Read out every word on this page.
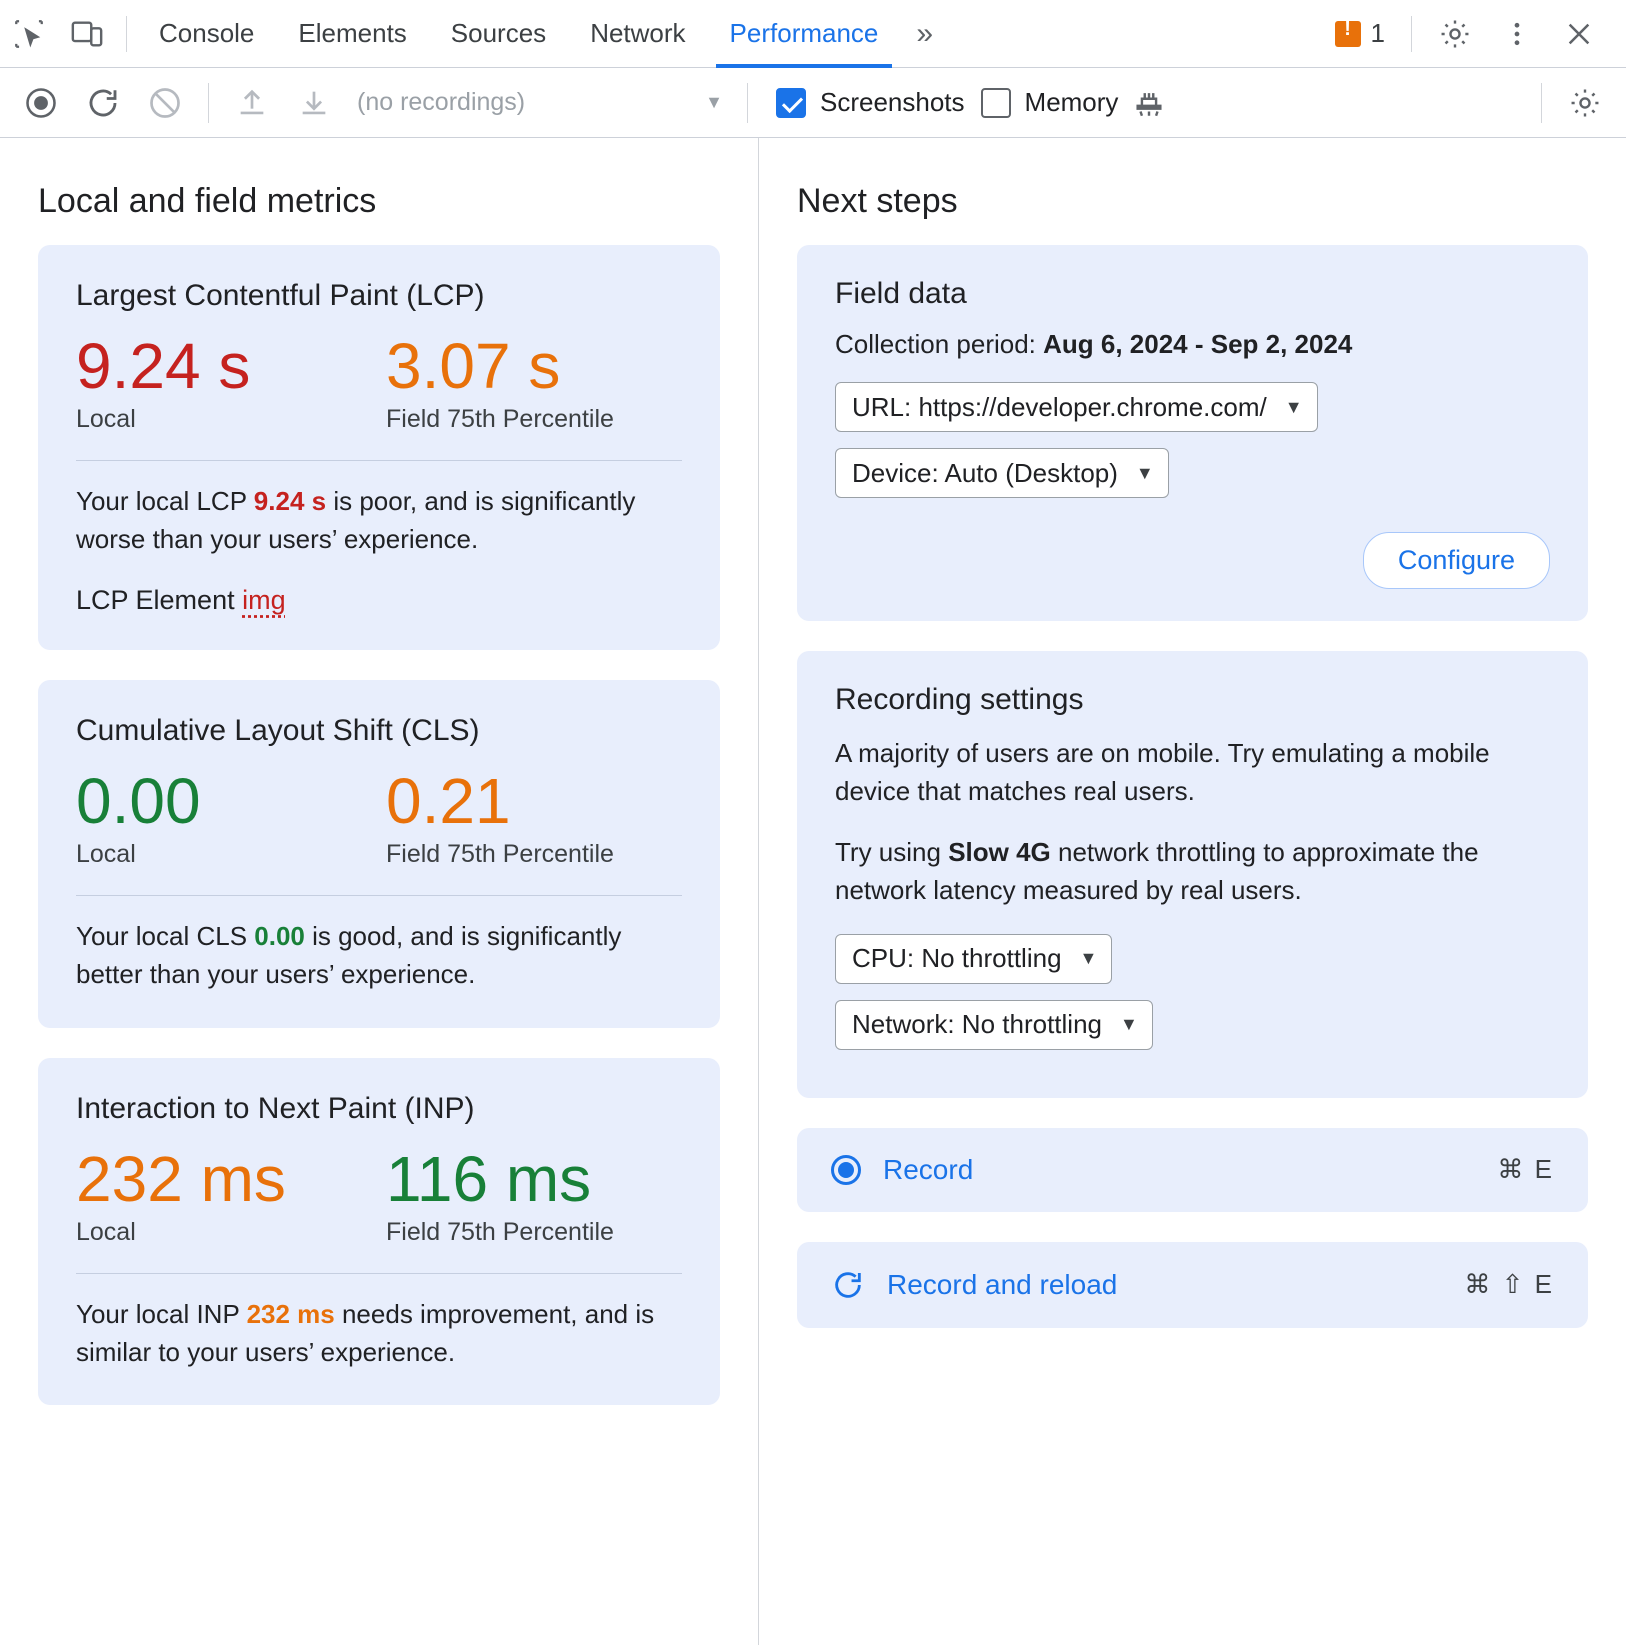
Console Elements Sources Network Performance » !	1
(no recordings)	▼	Screenshots Memory
Local and field metrics
Largest Contentful Paint (LCP)
9.24 s
Local
3.07 s
Field 75th Percentile
Your local LCP 9.24 s is poor, and is significantly worse than your users’ experience.
LCP Element img
Cumulative Layout Shift (CLS)
0.00
Local
0.21
Field 75th Percentile
Your local CLS 0.00 is good, and is significantly better than your users’ experience.
Interaction to Next Paint (INP)
232 ms
Local
116 ms
Field 75th Percentile
Your local INP 232 ms needs improvement, and is similar to your users’ experience.
Next steps
Field data
Collection period: Aug 6, 2024 - Sep 2, 2024
URL: https://developer.chrome.com/ ▼
Device: Auto (Desktop) ▼
Configure
Recording settings
A majority of users are on mobile. Try emulating a mobile device that matches real users.
Try using Slow 4G network throttling to approximate the network latency measured by real users.
CPU: No throttling ▼
Network: No throttling ▼
Record	⌘ E
Record and reload	⌘ ⇧ E
